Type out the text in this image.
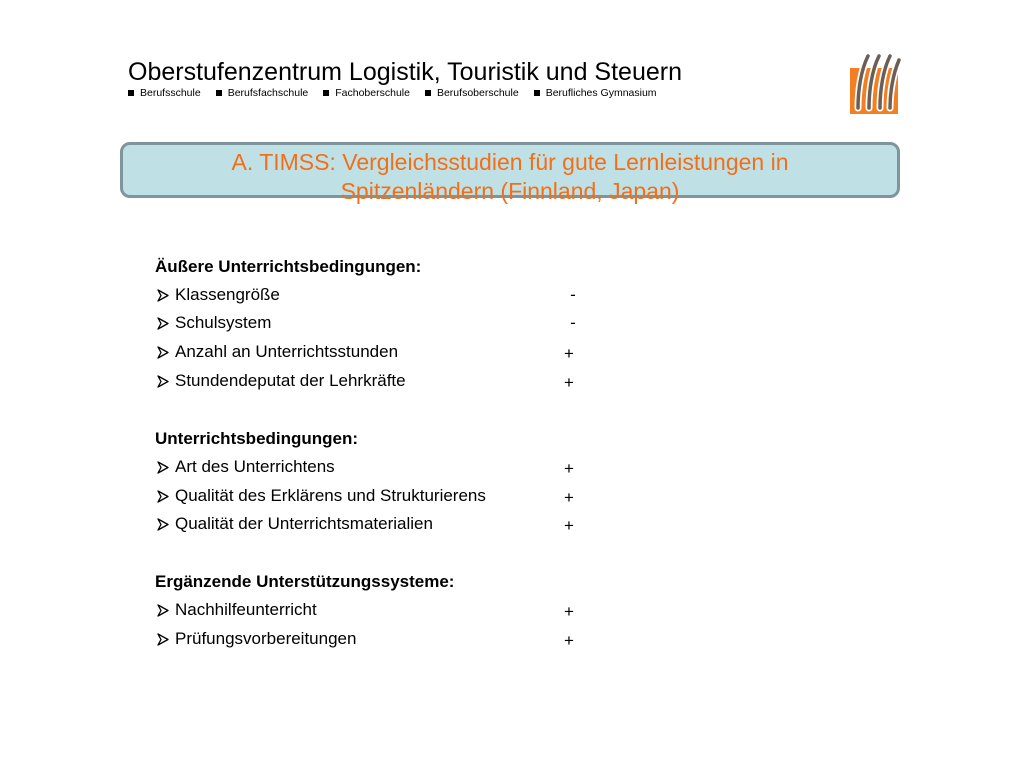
Oberstufenzentrum Logistik, Touristik und Steuern
Berufsschule	Berufsfachschule	Fachoberschule	Berufsoberschule	Berufliches Gymnasium
A. TIMSS: Vergleichsstudien für gute Lernleistungen in
Spitzenländern (Finnland, Japan)
Äußere Unterrichtsbedingungen:
Klassengröße	-
Schulsystem	-
Anzahl an Unterrichtsstunden	+
Stundendeputat der Lehrkräfte	+
Unterrichtsbedingungen:
Art des Unterrichtens	+
Qualität des Erklärens und Strukturierens	+
Qualität der Unterrichtsmaterialien	+
Ergänzende Unterstützungssysteme:
Nachhilfeunterricht	+
Prüfungsvorbereitungen	+
